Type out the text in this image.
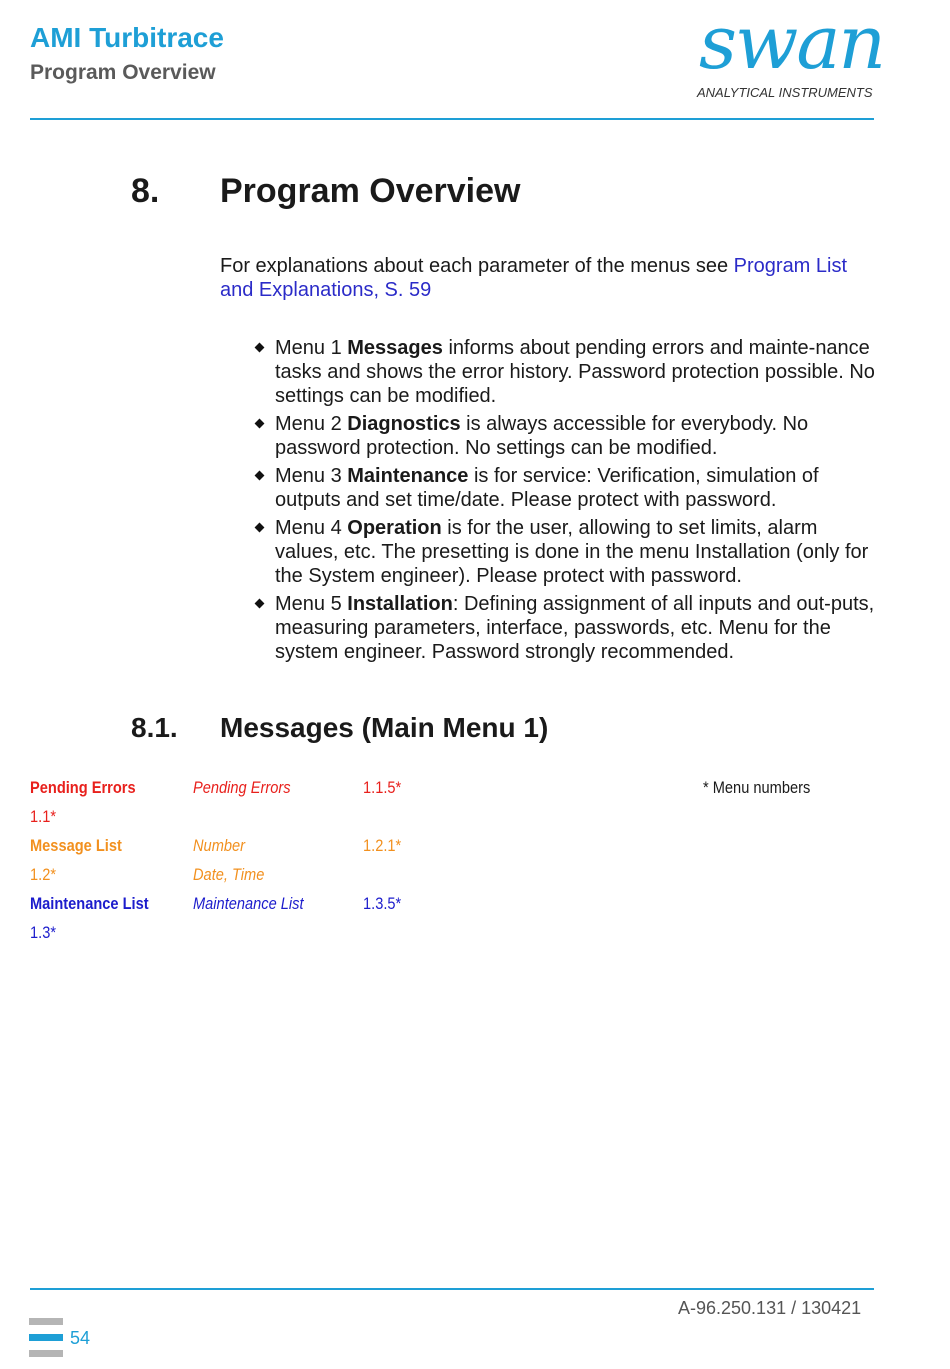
AMI Turbitrace
Program Overview	swan
ANALYTICAL INSTRUMENTS
8. Program Overview

For explanations about each parameter of the menus see Program List and Explanations, S. 59

Menu 1 Messages informs about pending errors and mainte-nance tasks and shows the error history. Password protection possible. No settings can be modified.
Menu 2 Diagnostics is always accessible for everybody. No password protection. No settings can be modified.
Menu 3 Maintenance is for service: Verification, simulation of outputs and set time/date. Please protect with password.
Menu 4 Operation is for the user, allowing to set limits, alarm values, etc. The presetting is done in the menu Installation (only for the System engineer). Please protect with password.
Menu 5 Installation: Defining assignment of all inputs and out-puts, measuring parameters, interface, passwords, etc. Menu for the system engineer. Password strongly recommended.
8.1. Messages (Main Menu 1)
Pending Errors	Pending Errors	1.1.5*	* Menu numbers
1.1*
Message List	Number	1.2.1*
1.2*	Date, Time
Maintenance List	Maintenance List	1.3.5*
1.3*
A-96.250.131 / 130421
54
